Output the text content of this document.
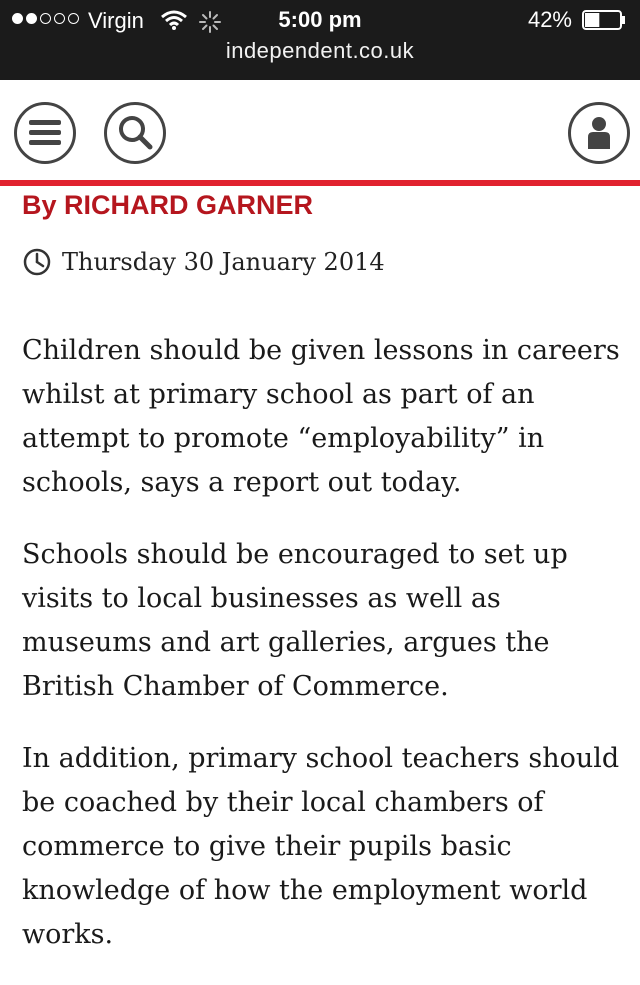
Virgin	5:00 pm	42%
independent.co.uk
By RICHARD GARNER
Thursday 30 January 2014

Children should be given lessons in careers whilst at primary school as part of an attempt to promote “employability” in schools, says a report out today.

Schools should be encouraged to set up visits to local businesses as well as museums and art galleries, argues the British Chamber of Commerce.

In addition, primary school teachers should be coached by their local chambers of commerce to give their pupils basic knowledge of how the employment world works.
